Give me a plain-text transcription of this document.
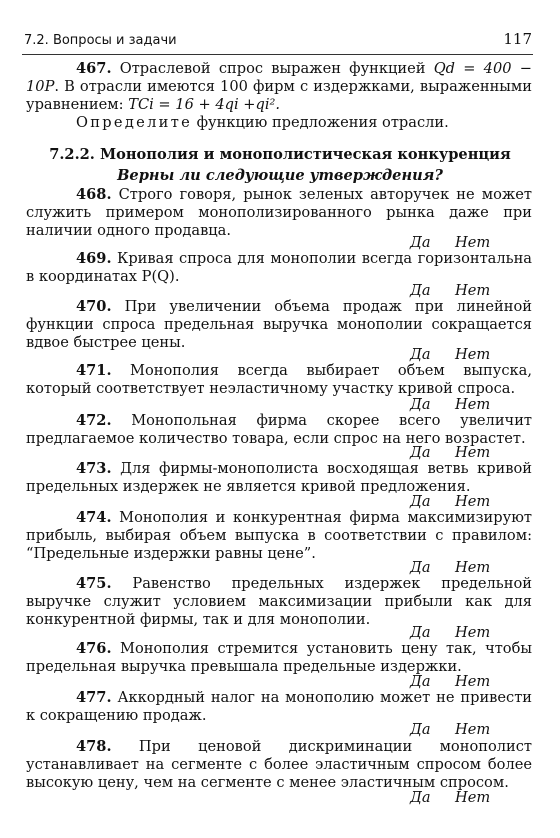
7.2. Вопросы и задачи	117

467. Отраслевой спрос выражен функцией Qd = 400 − 10P. В отрасли имеются 100 фирм с издержками, выраженными уравнением: TCi = 16 + 4qi +qi².

Определите функцию предложения отрасли.
7.2.2. Монополия и монополистическая конкуренция
Верны ли следующие утверждения?

468. Строго говоря, рынок зеленых авторучек не может служить примером монополизированного рынка даже при наличии одного продавца.

Да Нет

469. Кривая спроса для монополии всегда горизонтальна в координатах P(Q).

Да Нет

470. При увеличении объема продаж при линейной функции спроса предельная выручка монополии сокращается вдвое быстрее цены.

Да Нет

471. Монополия всегда выбирает объем выпуска, который соответствует неэластичному участку кривой спроса.

Да Нет

472. Монопольная фирма скорее всего увеличит предлагаемое количество товара, если спрос на него возрастет.

Да Нет

473. Для фирмы-монополиста восходящая ветвь кривой предельных издержек не является кривой предложения.

Да Нет

474. Монополия и конкурентная фирма максимизируют прибыль, выбирая объем выпуска в соответствии с правилом: “Предельные издержки равны цене”.

Да Нет

475. Равенство предельных издержек предельной выручке служит условием максимизации прибыли как для конкурентной фирмы, так и для монополии.

Да Нет

476. Монополия стремится установить цену так, чтобы предельная выручка превышала предельные издержки.

Да Нет

477. Аккордный налог на монополию может не привести к сокращению продаж.

Да Нет

478. При ценовой дискриминации монополист устанавливает на сегменте с более эластичным спросом более высокую цену, чем на сегменте с менее эластичным спросом.

Да Нет
